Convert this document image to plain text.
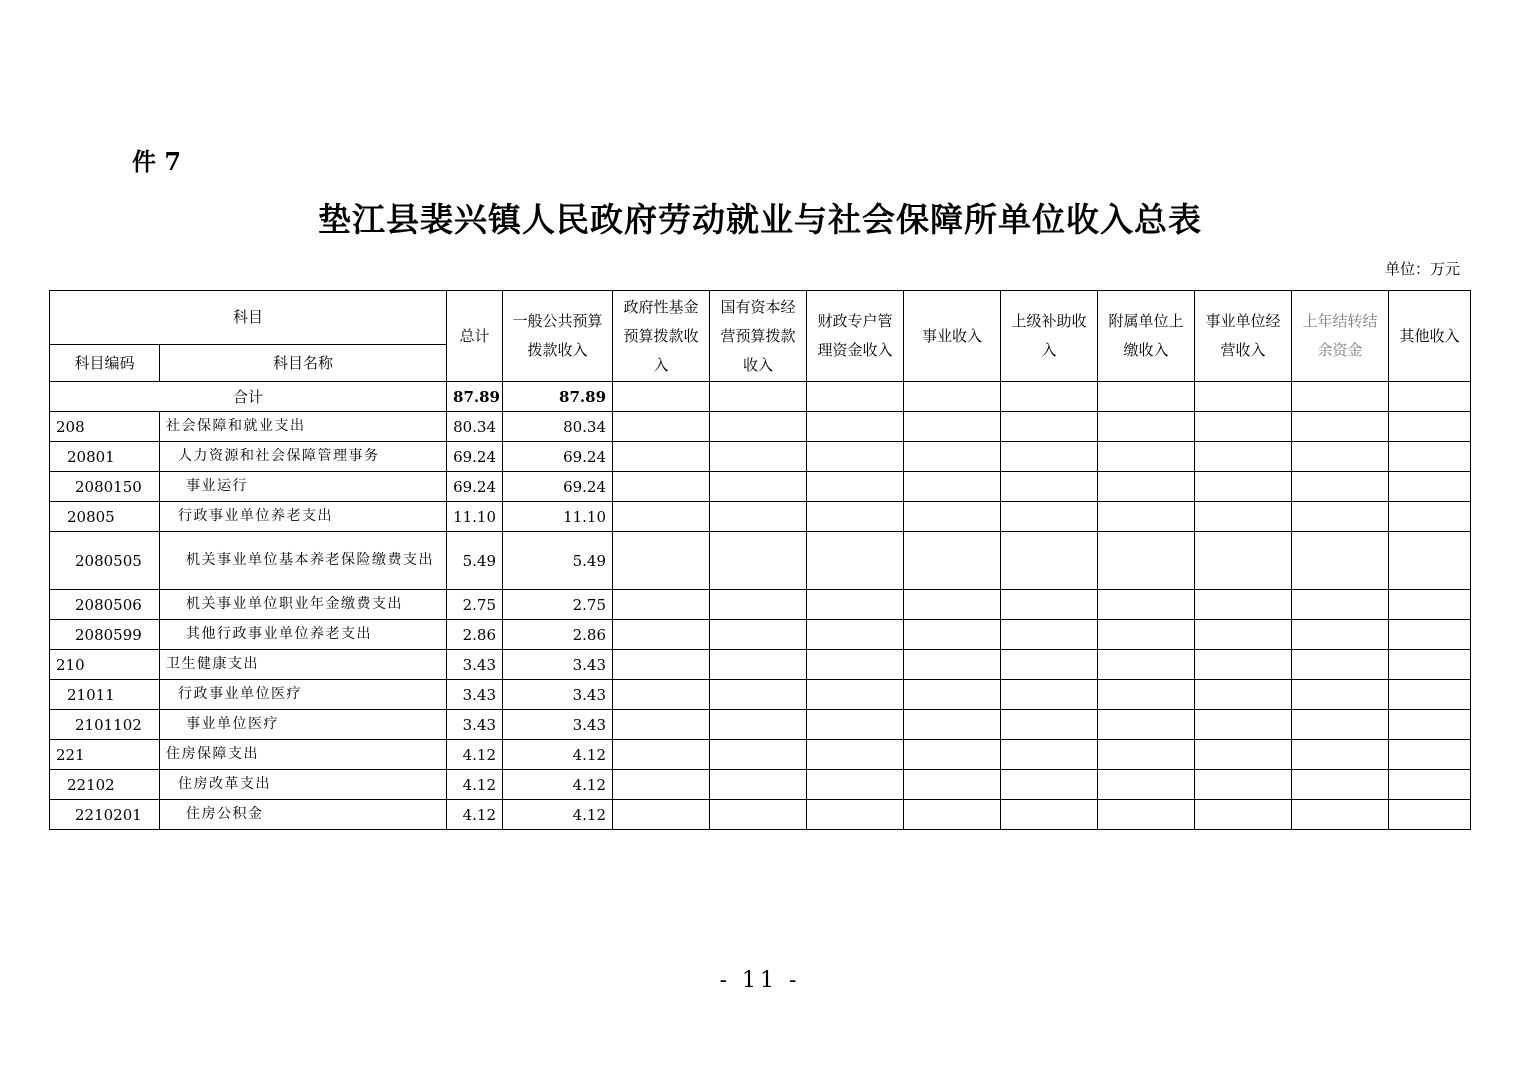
件 7
垫江县裴兴镇人民政府劳动就业与社会保障所单位收入总表
单位：万元
科目		总计	一般公共预算拨款收入	政府性基金预算拨款收入	国有资本经营预算拨款收入	财政专户管理资金收入	事业收入	上级补助收入	附属单位上缴收入	事业单位经营收入	上年结转结余资金	其他收入
科目编码	科目名称											
合计		87.89	87.89									
208	社会保障和就业支出	80.34	80.34									
20801	人力资源和社会保障管理事务	69.24	69.24									
2080150	事业运行	69.24	69.24									
20805	行政事业单位养老支出	11.10	11.10									
2080505	机关事业单位基本养老保险缴费支出	5.49	5.49									
2080506	机关事业单位职业年金缴费支出	2.75	2.75									
2080599	其他行政事业单位养老支出	2.86	2.86									
210	卫生健康支出	3.43	3.43									
21011	行政事业单位医疗	3.43	3.43									
2101102	事业单位医疗	3.43	3.43									
221	住房保障支出	4.12	4.12									
22102	住房改革支出	4.12	4.12									
2210201	住房公积金	4.12	4.12									
- 11 -
